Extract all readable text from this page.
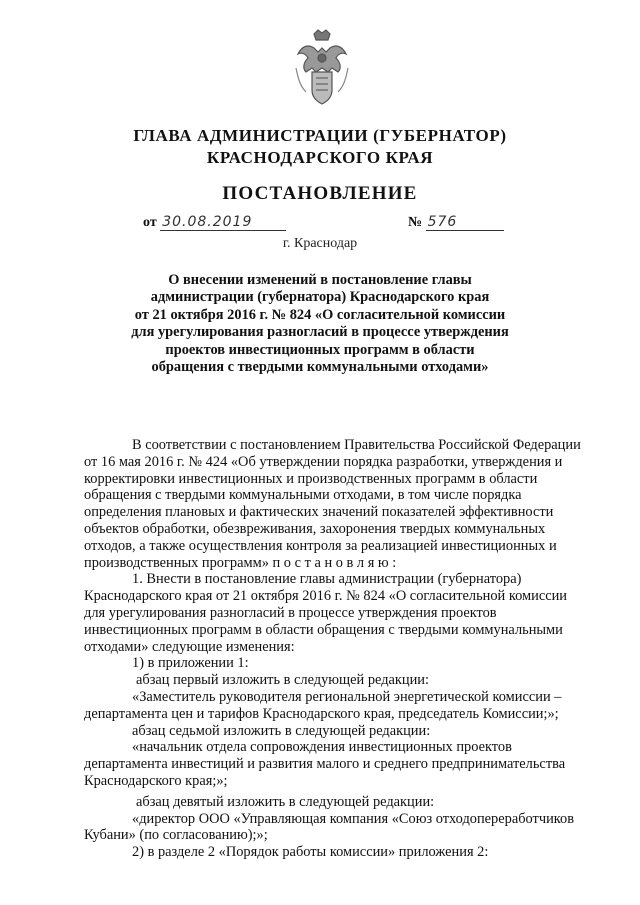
ГЛАВА АДМИНИСТРАЦИИ (ГУБЕРНАТОР)
КРАСНОДАРСКОГО КРАЯ
ПОСТАНОВЛЕНИЕ
от 30.08.2019	№ 576
г. Краснодар
О внесении изменений в постановление главы
администрации (губернатора) Краснодарского края
от 21 октября 2016 г. № 824 «О согласительной комиссии
для урегулирования разногласий в процессе утверждения
проектов инвестиционных программ в области
обращения с твердыми коммунальными отходами»
В соответствии с постановлением Правительства Российской Федерации
от 16 мая 2016 г. № 424 «Об утверждении порядка разработки, утверждения и
корректировки инвестиционных и производственных программ в области
обращения с твердыми коммунальными отходами, в том числе порядка
определения плановых и фактических значений показателей эффективности
объектов обработки, обезвреживания, захоронения твердых коммунальных
отходов, а также осуществления контроля за реализацией инвестиционных и
производственных программ» п о с т а н о в л я ю :
1. Внести в постановление главы администрации (губернатора)
Краснодарского края от 21 октября 2016 г. № 824 «О согласительной комиссии
для урегулирования разногласий в процессе утверждения проектов
инвестиционных программ в области обращения с твердыми коммунальными
отходами» следующие изменения:
1) в приложении 1:
абзац первый изложить в следующей редакции:
«Заместитель руководителя региональной энергетической комиссии –
департамента цен и тарифов Краснодарского края, председатель Комиссии;»;
абзац седьмой изложить в следующей редакции:
«начальник отдела сопровождения инвестиционных проектов
департамента инвестиций и развития малого и среднего предпринимательства
Краснодарского края;»;
абзац девятый изложить в следующей редакции:
«директор ООО «Управляющая компания «Союз отходопереработчиков
Кубани» (по согласованию);»;
2) в разделе 2 «Порядок работы комиссии» приложения 2:
